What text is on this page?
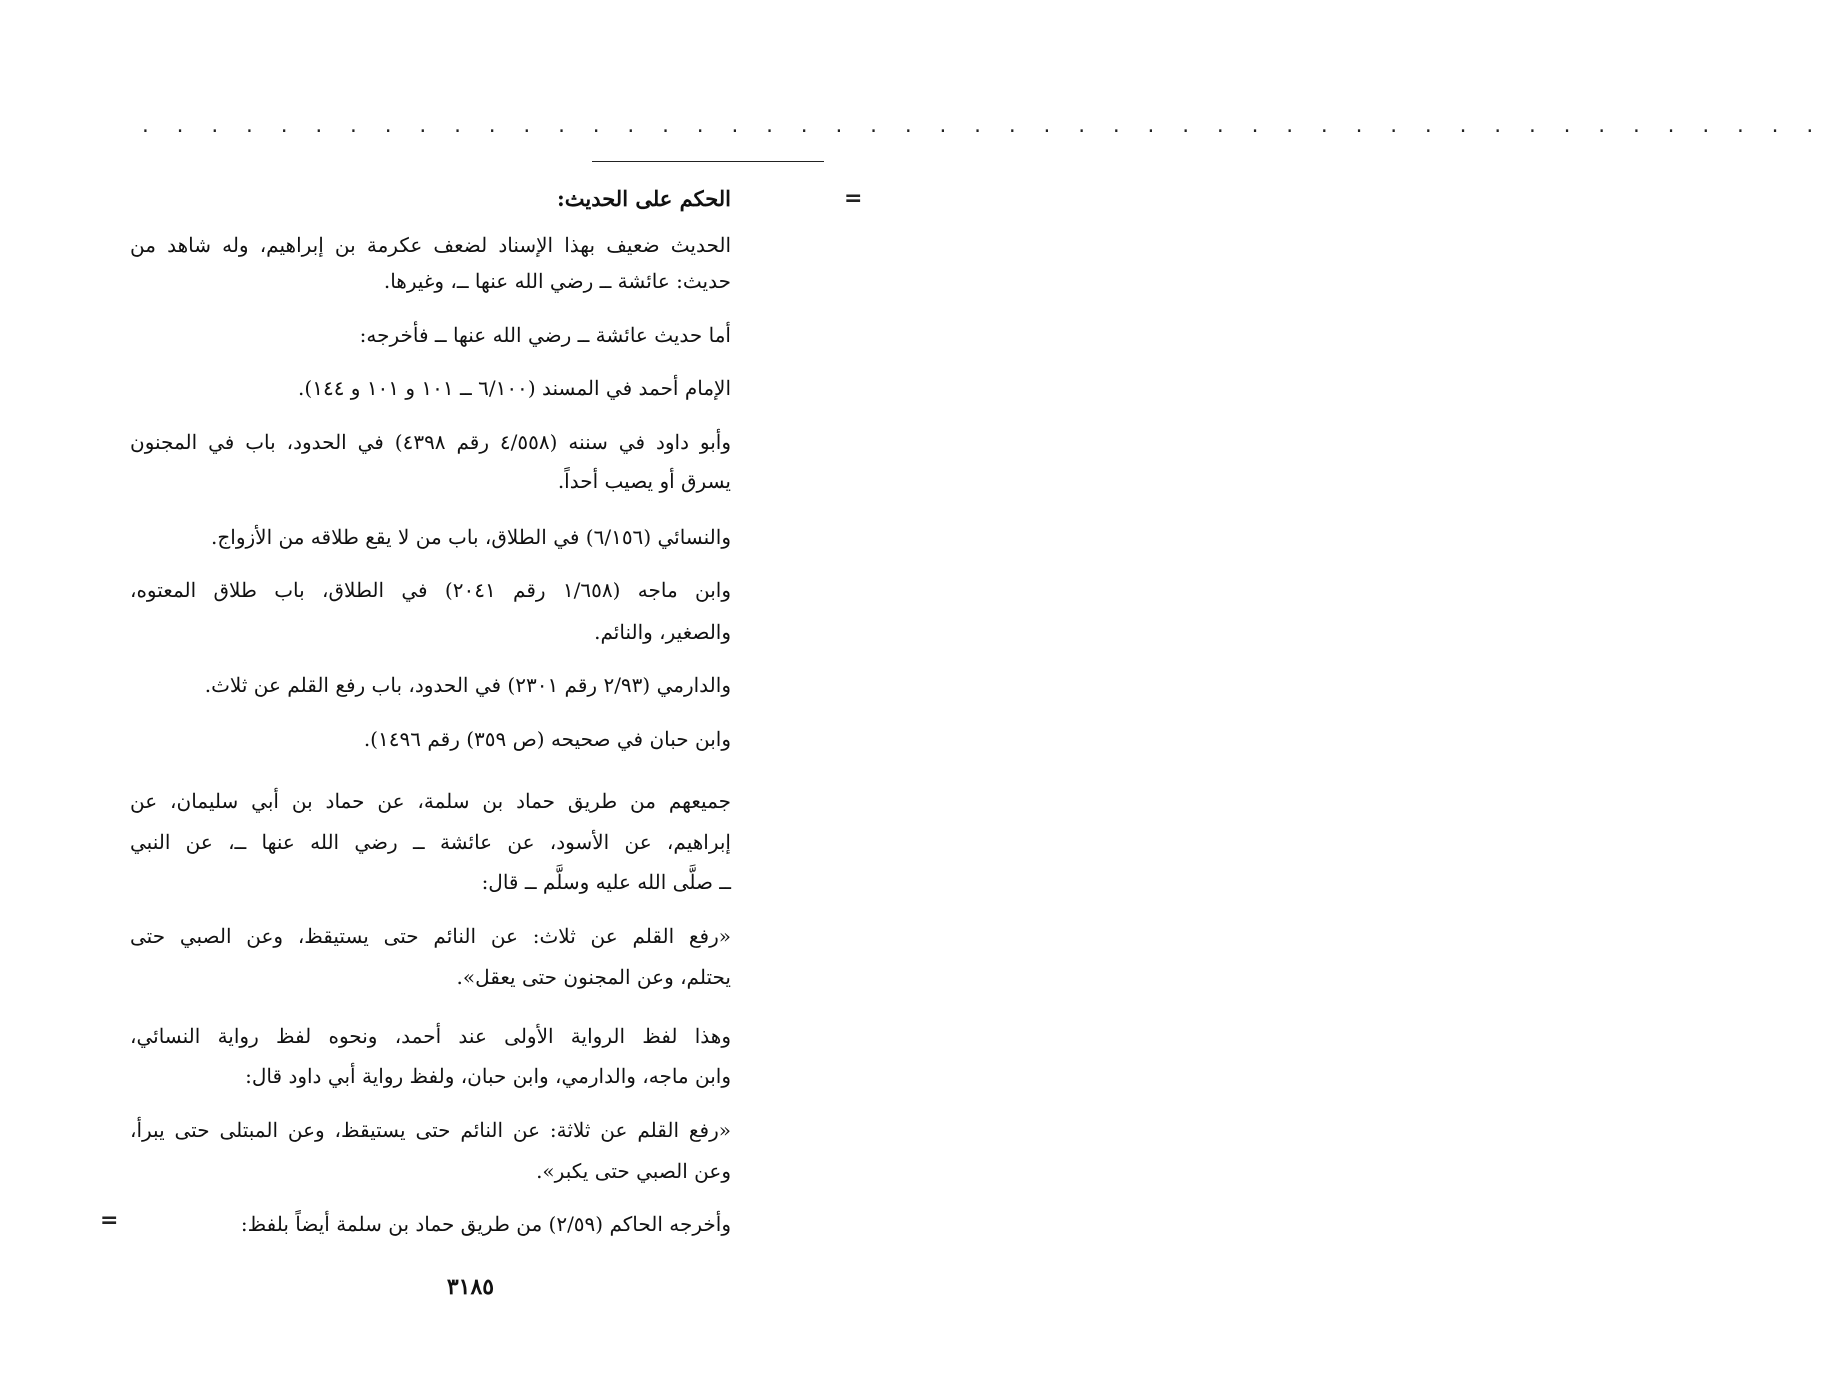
. . . . . . . . . . . . . . . . . . . . . . . . . . . . . . . . . . . . . . . . . . . . . . . . .
=
الحكم على الحديث:
الحديث ضعيف بهذا الإسناد لضعف عكرمة بن إبراهيم، وله شاهد من
حديث: عائشة ــ رضي الله عنها ــ، وغيرها.
أما حديث عائشة ــ رضي الله عنها ــ فأخرجه:
الإمام أحمد في المسند (٦/١٠٠ ــ ١٠١ و ١٠١ و ١٤٤).
وأبو داود في سننه (٤/٥٥٨ رقم ٤٣٩٨) في الحدود، باب في المجنون
يسرق أو يصيب أحداً.
والنسائي (٦/١٥٦) في الطلاق، باب من لا يقع طلاقه من الأزواج.
وابن ماجه (١/٦٥٨ رقم ٢٠٤١) في الطلاق، باب طلاق المعتوه،
والصغير، والنائم.
والدارمي (٢/٩٣ رقم ٢٣٠١) في الحدود، باب رفع القلم عن ثلاث.
وابن حبان في صحيحه (ص ٣٥٩) رقم ١٤٩٦).
جميعهم من طريق حماد بن سلمة، عن حماد بن أبي سليمان، عن
إبراهيم، عن الأسود، عن عائشة ــ رضي الله عنها ــ، عن النبي
ــ صلَّى الله عليه وسلَّم ــ قال:
«رفع القلم عن ثلاث: عن النائم حتى يستيقظ، وعن الصبي حتى
يحتلم، وعن المجنون حتى يعقل».
وهذا لفظ الرواية الأولى عند أحمد، ونحوه لفظ رواية النسائي،
وابن ماجه، والدارمي، وابن حبان، ولفظ رواية أبي داود قال:
«رفع القلم عن ثلاثة: عن النائم حتى يستيقظ، وعن المبتلى حتى يبرأ،
وعن الصبي حتى يكبر».
وأخرجه الحاكم (٢/٥٩) من طريق حماد بن سلمة أيضاً بلفظ:
=
٣١٨٥
